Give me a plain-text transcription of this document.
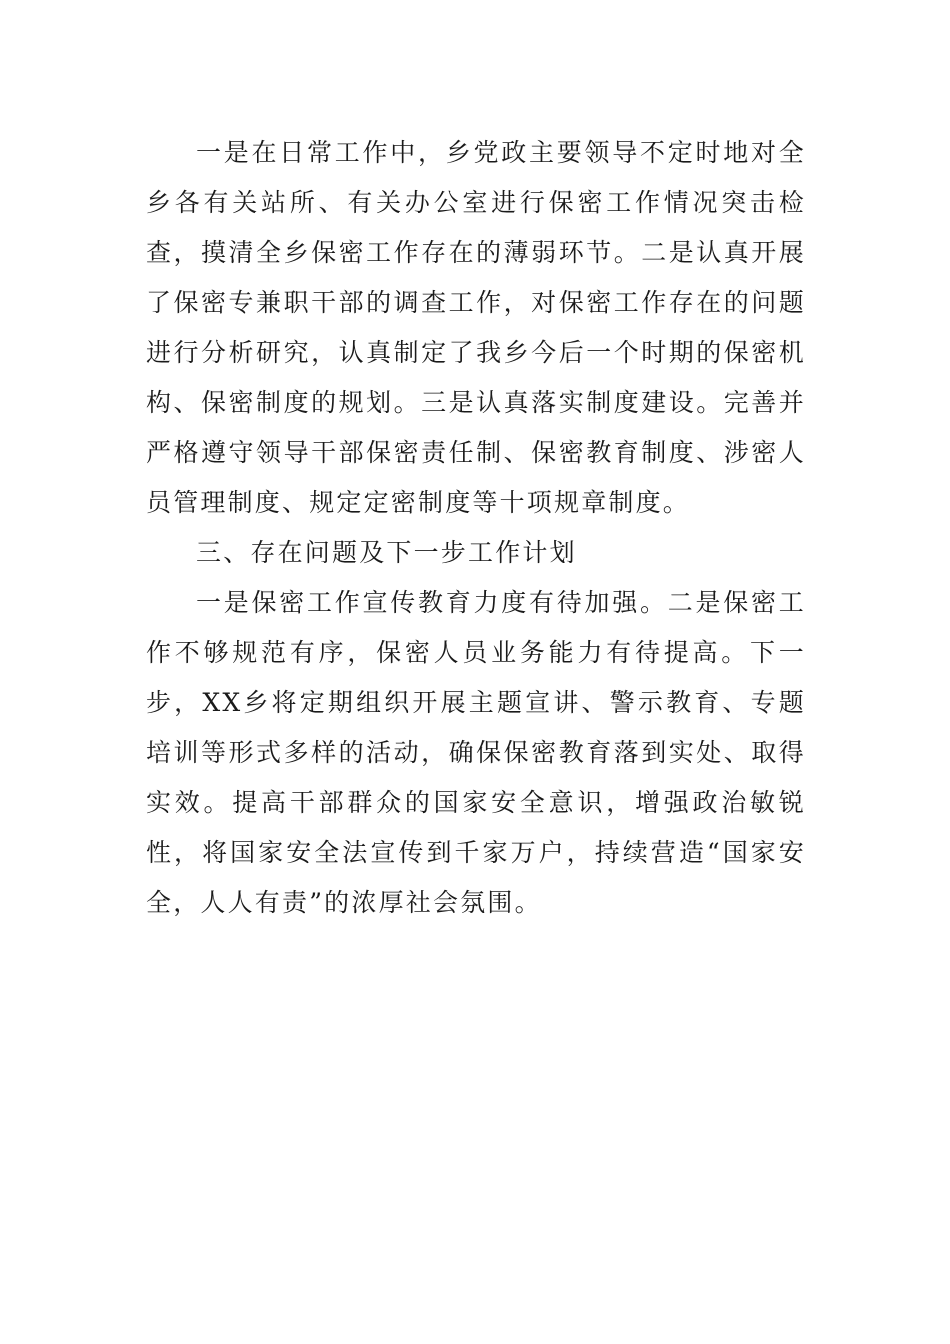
一是在日常工作中，乡党政主要领导不定时地对全乡各有关站所、有关办公室进行保密工作情况突击检查，摸清全乡保密工作存在的薄弱环节。二是认真开展了保密专兼职干部的调查工作，对保密工作存在的问题进行分析研究，认真制定了我乡今后一个时期的保密机构、保密制度的规划。三是认真落实制度建设。完善并严格遵守领导干部保密责任制、保密教育制度、涉密人员管理制度、规定定密制度等十项规章制度。

三、存在问题及下一步工作计划

一是保密工作宣传教育力度有待加强。二是保密工作不够规范有序，保密人员业务能力有待提高。下一步，XX乡将定期组织开展主题宣讲、警示教育、专题培训等形式多样的活动，确保保密教育落到实处、取得实效。提高干部群众的国家安全意识，增强政治敏锐性，将国家安全法宣传到千家万户，持续营造“国家安全，人人有责”的浓厚社会氛围。
